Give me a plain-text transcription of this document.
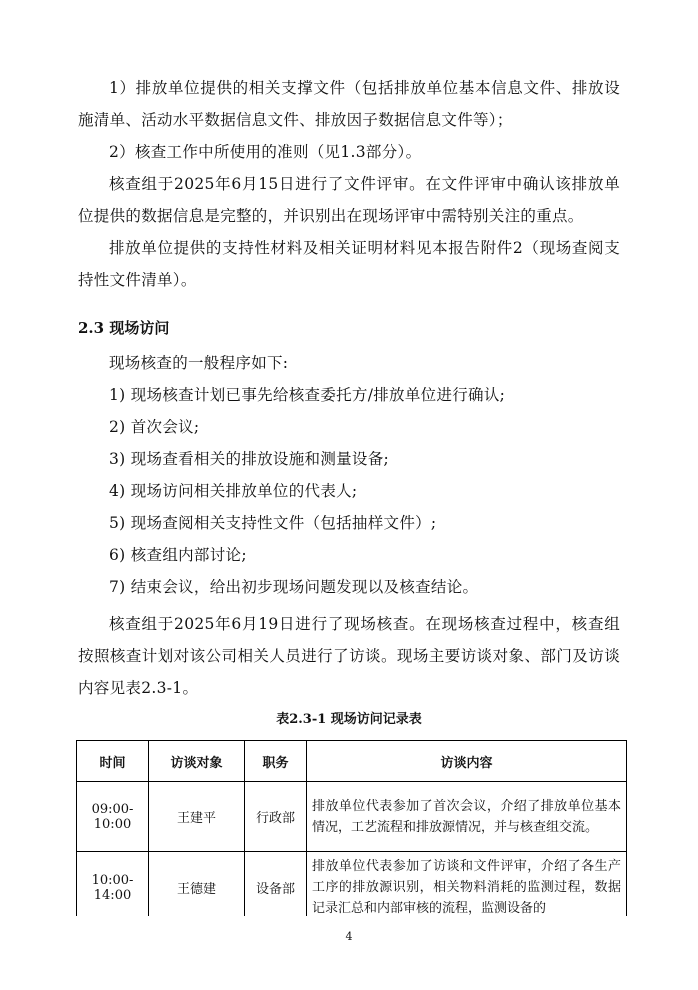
1）排放单位提供的相关支撑文件（包括排放单位基本信息文件、排放设施清单、活动水平数据信息文件、排放因子数据信息文件等）；

2）核查工作中所使用的准则（见1.3部分）。

核查组于2025年6月15日进行了文件评审。在文件评审中确认该排放单位提供的数据信息是完整的，并识别出在现场评审中需特别关注的重点。

排放单位提供的支持性材料及相关证明材料见本报告附件2（现场查阅支持性文件清单）。

2.3 现场访问

现场核查的一般程序如下:

1) 现场核查计划已事先给核查委托方/排放单位进行确认;

2) 首次会议;

3) 现场查看相关的排放设施和测量设备;

4) 现场访问相关排放单位的代表人;

5) 现场查阅相关支持性文件（包括抽样文件）;

6) 核查组内部讨论;

7) 结束会议，给出初步现场问题发现以及核查结论。

核查组于2025年6月19日进行了现场核查。在现场核查过程中，核查组按照核查计划对该公司相关人员进行了访谈。现场主要访谈对象、部门及访谈内容见表2.3-1。

表2.3-1 现场访问记录表
时间	访谈对象	职务	访谈内容
09:00-10:00	王建平	行政部	排放单位代表参加了首次会议，介绍了排放单位基本情况，工艺流程和排放源情况，并与核查组交流。
10:00-14:00	王德建	设备部	排放单位代表参加了访谈和文件评审，介绍了各生产工序的排放源识别，相关物料消耗的监测过程，数据记录汇总和内部审核的流程，监测设备的
4
